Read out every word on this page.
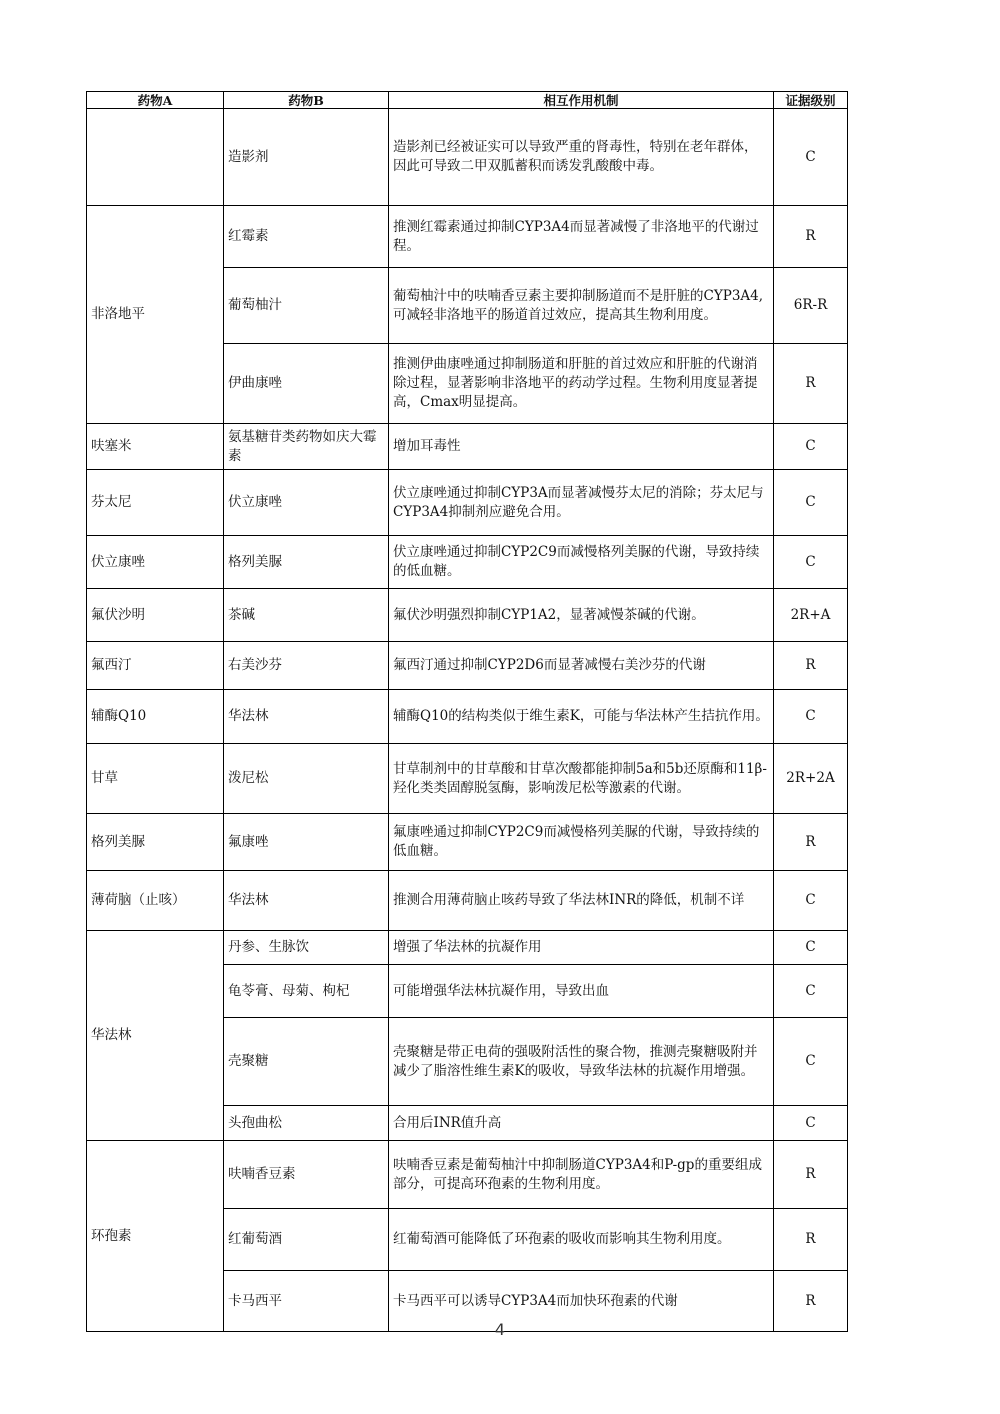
药物A	药物B	相互作用机制	证据级别
	造影剂	造影剂已经被证实可以导致严重的肾毒性，特别在老年群体，因此可导致二甲双胍蓄积而诱发乳酸酸中毒。	C
非洛地平	红霉素	推测红霉素通过抑制CYP3A4而显著减慢了非洛地平的代谢过程。	R
	葡萄柚汁	葡萄柚汁中的呋喃香豆素主要抑制肠道而不是肝脏的CYP3A4,可减轻非洛地平的肠道首过效应，提高其生物利用度。	6R-R
	伊曲康唑	推测伊曲康唑通过抑制肠道和肝脏的首过效应和肝脏的代谢消除过程，显著影响非洛地平的药动学过程。生物利用度显著提高，Cmax明显提高。	R
呋塞米	氨基糖苷类药物如庆大霉素	增加耳毒性	C
芬太尼	伏立康唑	伏立康唑通过抑制CYP3A而显著减慢芬太尼的消除；芬太尼与CYP3A4抑制剂应避免合用。	C
伏立康唑	格列美脲	伏立康唑通过抑制CYP2C9而减慢格列美脲的代谢，导致持续的低血糖。	C
氟伏沙明	茶碱	氟伏沙明强烈抑制CYP1A2，显著减慢茶碱的代谢。	2R+A
氟西汀	右美沙芬	氟西汀通过抑制CYP2D6而显著减慢右美沙芬的代谢	R
辅酶Q10	华法林	辅酶Q10的结构类似于维生素K，可能与华法林产生拮抗作用。	C
甘草	泼尼松	甘草制剂中的甘草酸和甘草次酸都能抑制5a和5b还原酶和11β-羟化类类固醇脱氢酶，影响泼尼松等激素的代谢。	2R+2A
格列美脲	氟康唑	氟康唑通过抑制CYP2C9而减慢格列美脲的代谢，导致持续的低血糖。	R
薄荷脑（止咳）	华法林	推测合用薄荷脑止咳药导致了华法林INR的降低，机制不详	C
华法林	丹参、生脉饮	增强了华法林的抗凝作用	C
	龟苓膏、母菊、枸杞	可能增强华法林抗凝作用，导致出血	C
	壳聚糖	壳聚糖是带正电荷的强吸附活性的聚合物，推测壳聚糖吸附并减少了脂溶性维生素K的吸收，导致华法林的抗凝作用增强。	C
	头孢曲松	合用后INR值升高	C
环孢素	呋喃香豆素	呋喃香豆素是葡萄柚汁中抑制肠道CYP3A4和P-gp的重要组成部分，可提高环孢素的生物利用度。	R
	红葡萄酒	红葡萄酒可能降低了环孢素的吸收而影响其生物利用度。	R
	卡马西平	卡马西平可以诱导CYP3A4而加快环孢素的代谢	R
4
